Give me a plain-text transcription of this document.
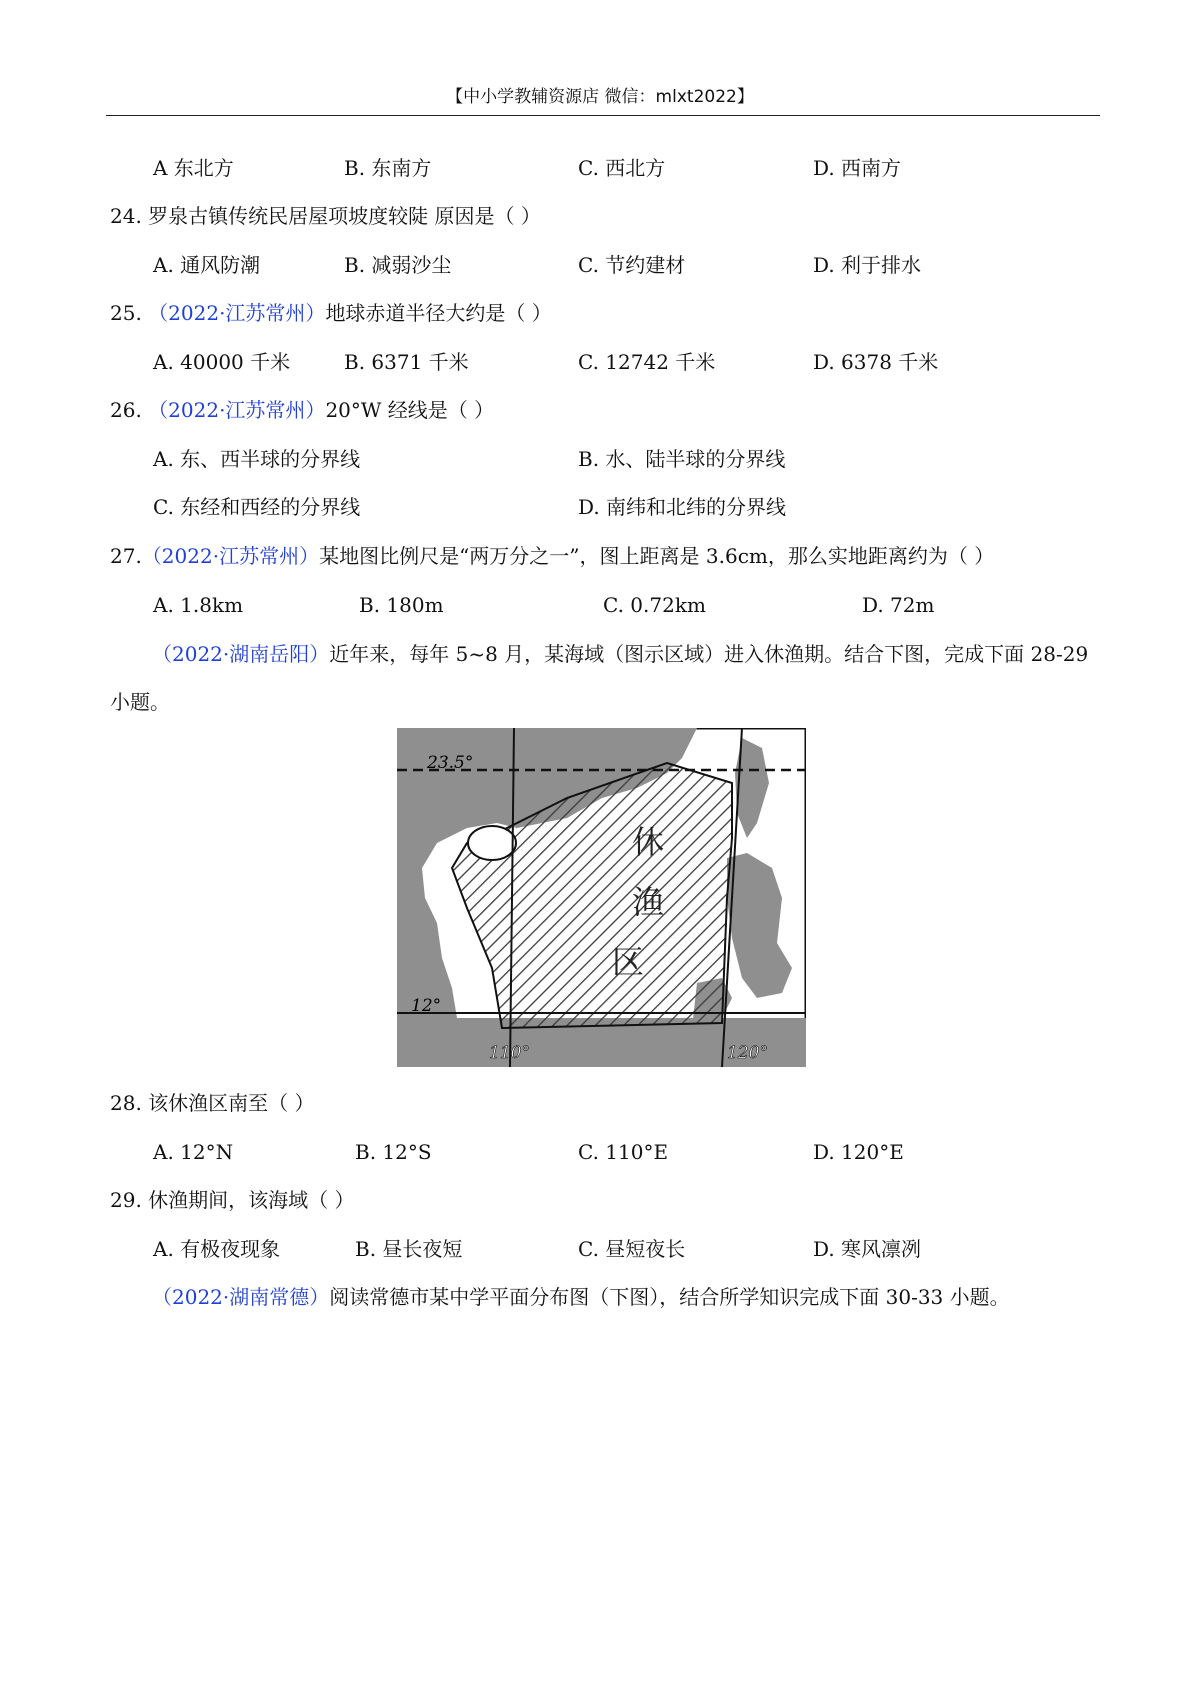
【中小学教辅资源店 微信：mlxt2022】
A 东北方	B. 东南方	C. 西北方	D. 西南方
24. 罗泉古镇传统民居屋项坡度较陡 原因是（ ）
A. 通风防潮	B. 减弱沙尘	C. 节约建材	D. 利于排水
25. （2022·江苏常州）地球赤道半径大约是（ ）
A. 40000 千米	B. 6371 千米	C. 12742 千米	D. 6378 千米
26. （2022·江苏常州）20°W 经线是（ ）
A. 东、西半球的分界线	B. 水、陆半球的分界线
C. 东经和西经的分界线	D. 南纬和北纬的分界线
27.（2022·江苏常州）某地图比例尺是“两万分之一”，图上距离是 3.6cm，那么实地距离约为（ ）
A. 1.8km	B. 180m	C. 0.72km	D. 72m
（2022·湖南岳阳）近年来，每年 5~8 月，某海域（图示区域）进入休渔期。结合下图，完成下面 28-29
小题。
23.5°
12°
110°	120°
休
渔
区
28. 该休渔区南至（ ）
A. 12°N	B. 12°S	C. 110°E	D. 120°E
29. 休渔期间，该海域（ ）
A. 有极夜现象	B. 昼长夜短	C. 昼短夜长	D. 寒风凛冽
（2022·湖南常德）阅读常德市某中学平面分布图（下图），结合所学知识完成下面 30-33 小题。
